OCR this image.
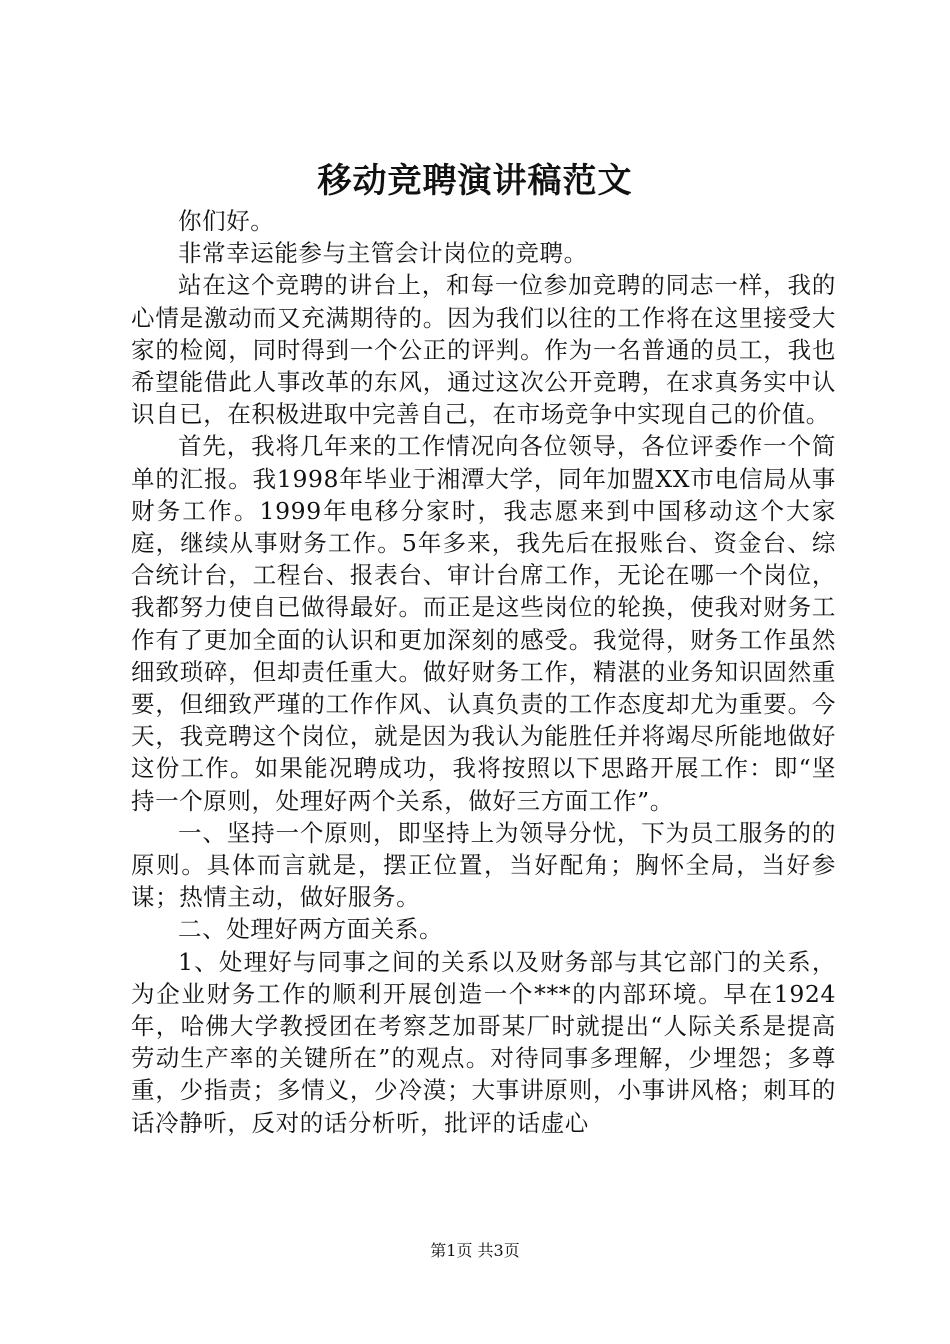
移动竞聘演讲稿范文

你们好。

非常幸运能参与主管会计岗位的竞聘。

站在这个竞聘的讲台上，和每一位参加竞聘的同志一样，我的心情是激动而又充满期待的。因为我们以往的工作将在这里接受大家的检阅，同时得到一个公正的评判。作为一名普通的员工，我也希望能借此人事改革的东风，通过这次公开竞聘，在求真务实中认识自已，在积极进取中完善自己，在市场竞争中实现自己的价值。

首先，我将几年来的工作情况向各位领导，各位评委作一个简单的汇报。我1998年毕业于湘潭大学，同年加盟XX市电信局从事财务工作。1999年电移分家时，我志愿来到中国移动这个大家庭，继续从事财务工作。5年多来，我先后在报账台、资金台、综合统计台，工程台、报表台、审计台席工作，无论在哪一个岗位，我都努力使自已做得最好。而正是这些岗位的轮换，使我对财务工作有了更加全面的认识和更加深刻的感受。我觉得，财务工作虽然细致琐碎，但却责任重大。做好财务工作，精湛的业务知识固然重要，但细致严瑾的工作作风、认真负责的工作态度却尤为重要。今天，我竞聘这个岗位，就是因为我认为能胜任并将竭尽所能地做好这份工作。如果能况聘成功，我将按照以下思路开展工作：即“坚持一个原则，处理好两个关系，做好三方面工作”。

一、坚持一个原则，即坚持上为领导分忧，下为员工服务的的原则。具体而言就是，摆正位置，当好配角；胸怀全局，当好参谋；热情主动，做好服务。

二、处理好两方面关系。

1、处理好与同事之间的关系以及财务部与其它部门的关系，为企业财务工作的顺利开展创造一个***的内部环境。早在1924年，哈佛大学教授团在考察芝加哥某厂时就提出“人际关系是提高劳动生产率的关键所在”的观点。对待同事多理解，少埋怨；多尊重，少指责；多情义，少冷漠；大事讲原则，小事讲风格；刺耳的话冷静听，反对的话分析听，批评的话虚心

第1页 共3页
